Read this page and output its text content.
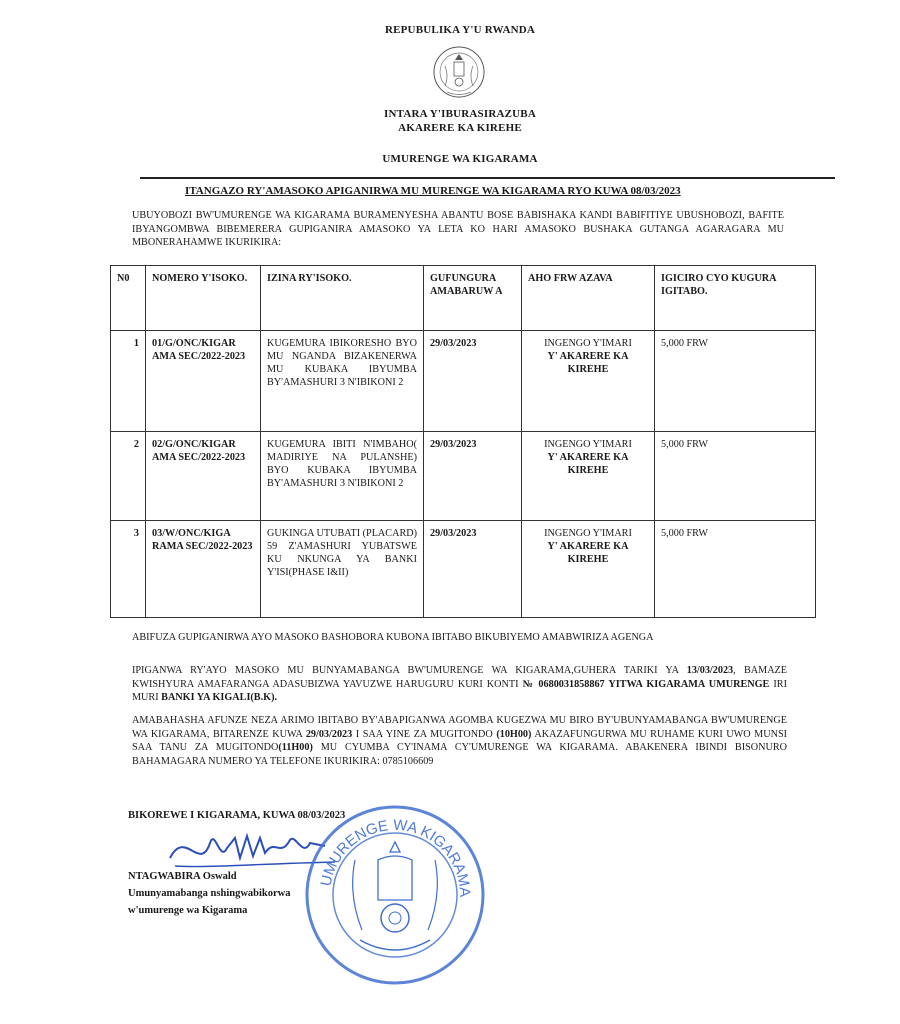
REPUBULIKA Y'U RWANDA
INTARA Y'IBURASIRAZUBA
AKARERE KA KIREHE
UMURENGE WA KIGARAMA
ITANGAZO RY'AMASOKO APIGANIRWA MU MURENGE WA KIGARAMA RYO KUWA 08/03/2023
UBUYOBOZI BW'UMURENGE WA KIGARAMA BURAMENYESHA ABANTU BOSE BABISHAKA KANDI BABIFITIYE UBUSHOBOZI, BAFITE IBYANGOMBWA BIBEMERERA GUPIGANIRA AMASOKO YA LETA KO HARI AMASOKO BUSHAKA GUTANGA AGARAGARA MU MBONERAHAMWE IKURIKIRA:
N0	NOMERO Y'ISOKO.	IZINA RY'ISOKO.	GUFUNGURA AMABARUW A	AHO FRW AZAVA	IGICIRO CYO KUGURA IGITABO.
1	01/G/ONC/KIGAR AMA SEC/2022-2023	KUGEMURA IBIKORESHO BYO MU NGANDA BIZAKENERWA MU KUBAKA IBYUMBA BY'AMASHURI 3 N'IBIKONI 2	29/03/2023	INGENGO Y'IMARI
Y' AKARERE KA KIREHE	5,000 FRW
2	02/G/ONC/KIGAR AMA SEC/2022-2023	KUGEMURA IBITI N'IMBAHO( MADIRIYE NA PULANSHE) BYO KUBAKA IBYUMBA BY'AMASHURI 3 N'IBIKONI 2	29/03/2023	INGENGO Y'IMARI
Y' AKARERE KA KIREHE	5,000 FRW
3	03/W/ONC/KIGA RAMA SEC/2022-2023	GUKINGA UTUBATI (PLACARD) 59 Z'AMASHURI YUBATSWE KU NKUNGA YA BANKI Y'ISI(PHASE I&II)	29/03/2023	INGENGO Y'IMARI
Y' AKARERE KA KIREHE	5,000 FRW
ABIFUZA GUPIGANIRWA AYO MASOKO BASHOBORA KUBONA IBITABO BIKUBIYEMO AMABWIRIZA AGENGA
IPIGANWA RY'AYO MASOKO MU BUNYAMABANGA BW'UMURENGE WA KIGARAMA,GUHERA TARIKI YA 13/03/2023, BAMAZE KWISHYURA AMAFARANGA ADASUBIZWA YAVUZWE HARUGURU KURI KONTI № 0680031858867 YITWA KIGARAMA UMURENGE IRI MURI BANKI YA KIGALI(B.K).
AMABAHASHA AFUNZE NEZA ARIMO IBITABO BY'ABAPIGANWA AGOMBA KUGEZWA MU BIRO BY'UBUNYAMABANGA BW'UMURENGE WA KIGARAMA, BITARENZE KUWA 29/03/2023 I SAA YINE ZA MUGITONDO (10H00) AKAZAFUNGURWA MU RUHAME KURI UWO MUNSI SAA TANU ZA MUGITONDO(11H00) MU CYUMBA CY'INAMA CY'UMURENGE WA KIGARAMA. ABAKENERA IBINDI BISONURO BAHAMAGARA NUMERO YA TELEFONE IKURIKIRA: 0785106609
BIKOREWE I KIGARAMA, KUWA 08/03/2023
NTAGWABIRA Oswald
Umunyamabanga nshingwabikorwa
w'umurenge wa Kigarama
UMURENGE WA KIGARAMA
